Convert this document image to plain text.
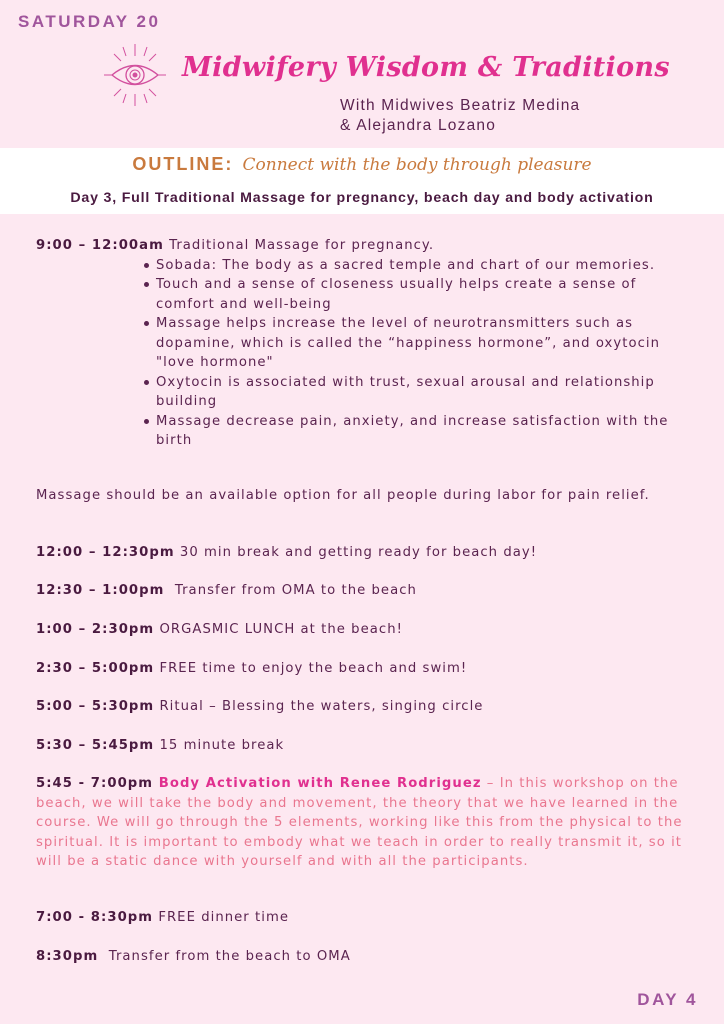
SATURDAY 20
Midwifery Wisdom & Traditions
With Midwives Beatriz Medina
& Alejandra Lozano
OUTLINE: Connect with the body through pleasure
Day 3, Full Traditional Massage for pregnancy, beach day and body activation

9:00 – 12:00am Traditional Massage for pregnancy.

Sobada: The body as a sacred temple and chart of our memories.
Touch and a sense of closeness usually helps create a sense of comfort and well-being
Massage helps increase the level of neurotransmitters such as dopamine, which is called the “happiness hormone”, and oxytocin "love hormone"
Oxytocin is associated with trust, sexual arousal and relationship building
Massage decrease pain, anxiety, and increase satisfaction with the birth
Massage should be an available option for all people during labor for pain relief.
12:00 – 12:30pm 30 min break and getting ready for beach day!
12:30 – 1:00pm  Transfer from OMA to the beach
1:00 – 2:30pm ORGASMIC LUNCH at the beach!
2:30 – 5:00pm FREE time to enjoy the beach and swim!
5:00 – 5:30pm Ritual – Blessing the waters, singing circle
5:30 – 5:45pm 15 minute break
5:45 - 7:00pm Body Activation with Renee Rodriguez – In this workshop on the beach, we will take the body and movement, the theory that we have learned in the course. We will go through the 5 elements, working like this from the physical to the spiritual. It is important to embody what we teach in order to really transmit it, so it will be a static dance with yourself and with all the participants.
7:00 - 8:30pm FREE dinner time
8:30pm  Transfer from the beach to OMA
DAY 4
